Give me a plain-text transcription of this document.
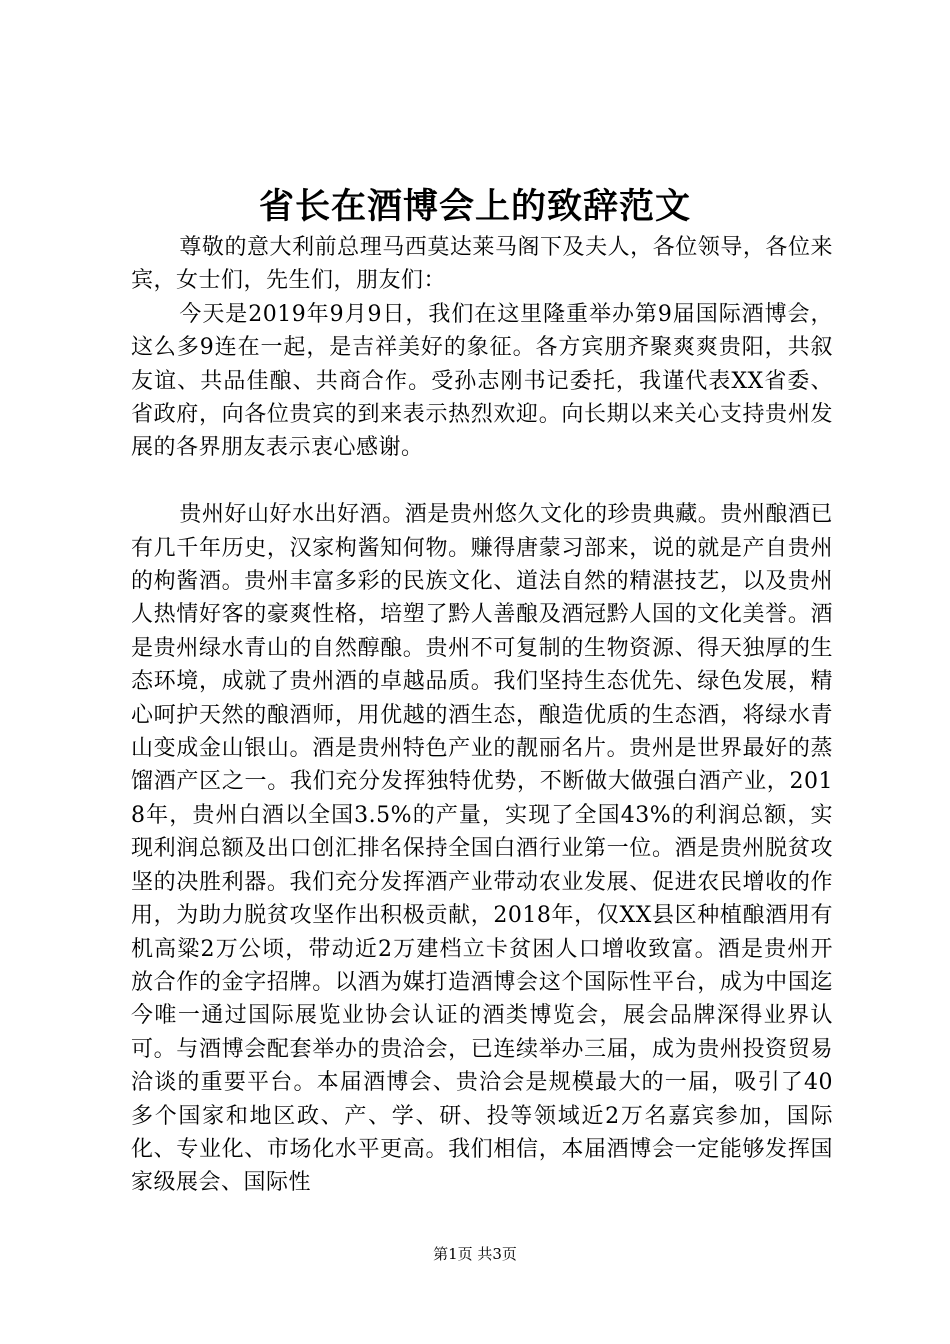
省长在酒博会上的致辞范文

尊敬的意大利前总理马西莫达莱马阁下及夫人，各位领导，各位来宾，女士们，先生们，朋友们：

今天是2019年9月9日，我们在这里隆重举办第9届国际酒博会，这么多9连在一起，是吉祥美好的象征。各方宾朋齐聚爽爽贵阳，共叙友谊、共品佳酿、共商合作。受孙志刚书记委托，我谨代表XX省委、省政府，向各位贵宾的到来表示热烈欢迎。向长期以来关心支持贵州发展的各界朋友表示衷心感谢。

贵州好山好水出好酒。酒是贵州悠久文化的珍贵典藏。贵州酿酒已有几千年历史，汉家枸酱知何物。赚得唐蒙习部来，说的就是产自贵州的枸酱酒。贵州丰富多彩的民族文化、道法自然的精湛技艺，以及贵州人热情好客的豪爽性格，培塑了黔人善酿及酒冠黔人国的文化美誉。酒是贵州绿水青山的自然醇酿。贵州不可复制的生物资源、得天独厚的生态环境，成就了贵州酒的卓越品质。我们坚持生态优先、绿色发展，精心呵护天然的酿酒师，用优越的酒生态，酿造优质的生态酒，将绿水青山变成金山银山。酒是贵州特色产业的靓丽名片。贵州是世界最好的蒸馏酒产区之一。我们充分发挥独特优势，不断做大做强白酒产业，2018年，贵州白酒以全国3.5%的产量，实现了全国43%的利润总额，实现利润总额及出口创汇排名保持全国白酒行业第一位。酒是贵州脱贫攻坚的决胜利器。我们充分发挥酒产业带动农业发展、促进农民增收的作用，为助力脱贫攻坚作出积极贡献，2018年，仅XX县区种植酿酒用有机高粱2万公顷，带动近2万建档立卡贫困人口增收致富。酒是贵州开放合作的金字招牌。以酒为媒打造酒博会这个国际性平台，成为中国迄今唯一通过国际展览业协会认证的酒类博览会，展会品牌深得业界认可。与酒博会配套举办的贵洽会，已连续举办三届，成为贵州投资贸易洽谈的重要平台。本届酒博会、贵洽会是规模最大的一届，吸引了40多个国家和地区政、产、学、研、投等领域近2万名嘉宾参加，国际化、专业化、市场化水平更高。我们相信，本届酒博会一定能够发挥国家级展会、国际性

第1页 共3页
